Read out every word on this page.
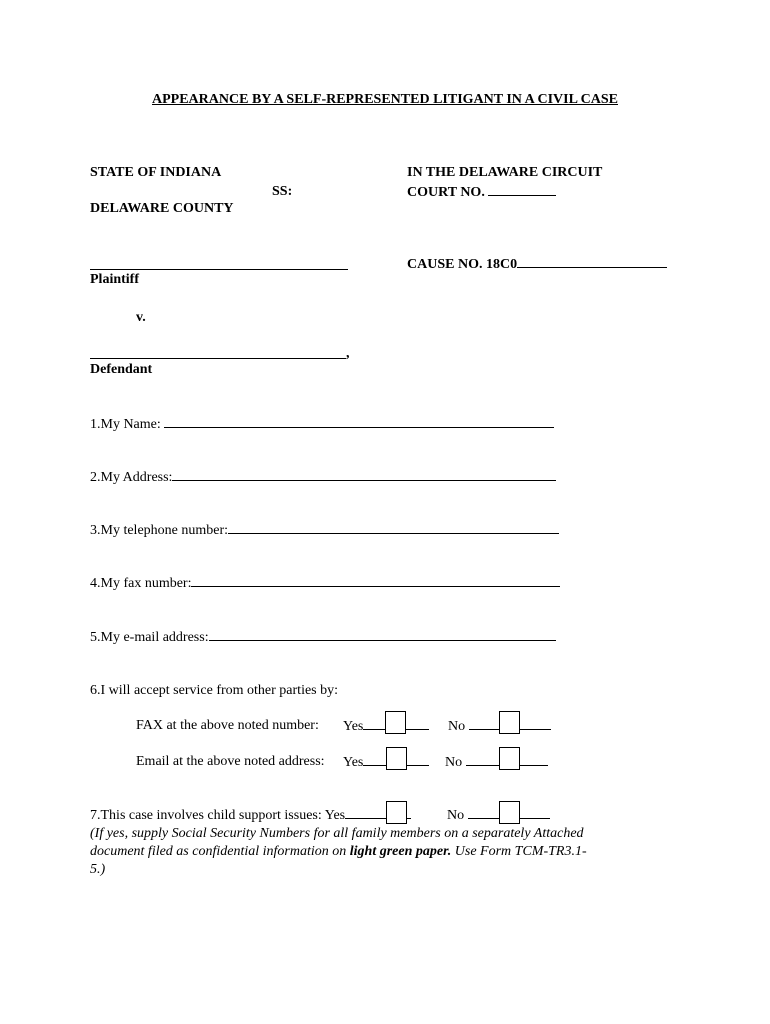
APPEARANCE BY A SELF-REPRESENTED LITIGANT IN A CIVIL CASE
STATE OF INDIANA
SS:
DELAWARE COUNTY
IN THE DELAWARE CIRCUIT
COURT NO.
Plaintiff
CAUSE NO. 18C0
v.
,
Defendant
1.My Name:
2.My Address:
3.My telephone number:
4.My fax number:
5.My e-mail address:
6.I will accept service from other parties by:
FAX at the above noted number: Yes	No
Email at the above noted address: Yes	No
7.This case involves child support issues: Yes	No
(If yes, supply Social Security Numbers for all family members on a separately Attached document filed as confidential information on light green paper. Use Form TCM-TR3.1-5.)
